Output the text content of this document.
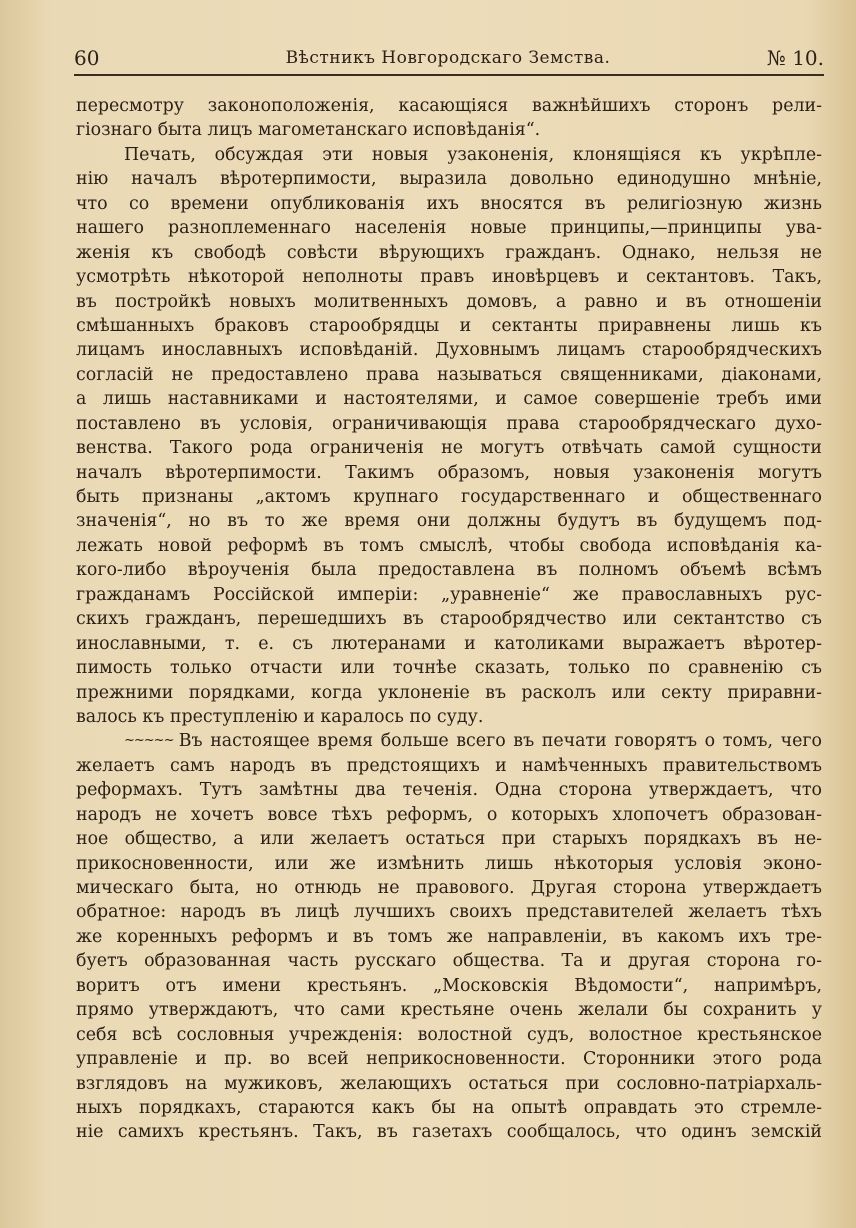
60	Вѣстникъ Новгородскаго Земства.	№ 10.
пересмотру законоположенія, касающіяся важнѣйшихъ сторонъ рели-
гіознаго быта лицъ магометанскаго исповѣданія“.
Печать, обсуждая эти новыя узаконенія, клонящіяся къ укрѣпле-
нію началъ вѣротерпимости, выразила довольно единодушно мнѣніе,
что со времени опубликованія ихъ вносятся въ религіозную жизнь
нашего разноплеменнаго населенія новые принципы,—принципы ува-
женія къ свободѣ совѣсти вѣрующихъ гражданъ. Однако, нельзя не
усмотрѣть нѣкоторой неполноты правъ иновѣрцевъ и сектантовъ. Такъ,
въ постройкѣ новыхъ молитвенныхъ домовъ, а равно и въ отношеніи
смѣшанныхъ браковъ старообрядцы и сектанты приравнены лишь къ
лицамъ инославныхъ исповѣданій. Духовнымъ лицамъ старообрядческихъ
согласій не предоставлено права называться священниками, діаконами,
а лишь наставниками и настоятелями, и самое совершеніе требъ ими
поставлено въ условія, ограничивающія права старообрядческаго духо-
венства. Такого рода ограниченія не могутъ отвѣчать самой сущности
началъ вѣротерпимости. Такимъ образомъ, новыя узаконенія могутъ
быть признаны „актомъ крупнаго государственнаго и общественнаго
значенія“, но въ то же время они должны будутъ въ будущемъ под-
лежать новой реформѣ въ томъ смыслѣ, чтобы свобода исповѣданія ка-
кого-либо вѣроученія была предоставлена въ полномъ объемѣ всѣмъ
гражданамъ Россійской имперіи: „уравненіе“ же православныхъ рус-
скихъ гражданъ, перешедшихъ въ старообрядчество или сектантство съ
инославными, т. е. съ лютеранами и католиками выражаетъ вѣротер-
пимость только отчасти или точнѣе сказать, только по сравненію съ
прежними порядками, когда уклоненіе въ расколъ или секту приравни-
валось къ преступленію и каралось по суду.
~~~~~ Въ настоящее время больше всего въ печати говорятъ о томъ, чего
желаетъ самъ народъ въ предстоящихъ и намѣченныхъ правительствомъ
реформахъ. Тутъ замѣтны два теченія. Одна сторона утверждаетъ, что
народъ не хочетъ вовсе тѣхъ реформъ, о которыхъ хлопочетъ образован-
ное общество, а или желаетъ остаться при старыхъ порядкахъ въ не-
прикосновенности, или же измѣнить лишь нѣкоторыя условія эконо-
мическаго быта, но отнюдь не правового. Другая сторона утверждаетъ
обратное: народъ въ лицѣ лучшихъ своихъ представителей желаетъ тѣхъ
же коренныхъ реформъ и въ томъ же направленіи, въ какомъ ихъ тре-
буетъ образованная часть русскаго общества. Та и другая сторона го-
воритъ отъ имени крестьянъ. „Московскія Вѣдомости“, напримѣръ,
прямо утверждаютъ, что сами крестьяне очень желали бы сохранить у
себя всѣ сословныя учрежденія: волостной судъ, волостное крестьянское
управленіе и пр. во всей неприкосновенности. Сторонники этого рода
взглядовъ на мужиковъ, желающихъ остаться при сословно-патріархаль-
ныхъ порядкахъ, стараются какъ бы на опытѣ оправдать это стремле-
ніе самихъ крестьянъ. Такъ, въ газетахъ сообщалось, что одинъ земскій
